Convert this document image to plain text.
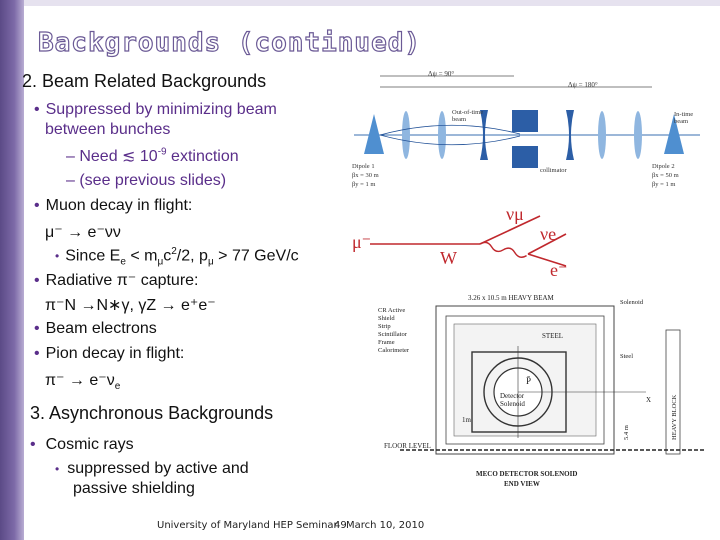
Backgrounds (continued)
2. Beam Related Backgrounds
• Suppressed by minimizing beam
between bunches
– Need ≲ $10^{-9}$ extinction
– (see previous slides)
• Muon decay in flight:
μ⁻ → e⁻νν
• Since $E_e < m_\mu c^2/2$, $p_\mu > 77$ GeV/c
• Radiative π⁻ capture:
π⁻N →N∗γ, γZ → e⁺e⁻
• Beam electrons
• Pion decay in flight:
$\pi^- \to e^-\nu_e$
3. Asynchronous Backgrounds
• Cosmic rays
• suppressed by active and
passive shielding
Δψ = 90°
Δψ = 180°
Out-of-time
beam
In-time
beam
collimator
Dipole 1
βx = 30 m
βy = 1 m
Dipole 2
βx = 50 m
βy = 1 m
μ⁻
νμ
νe
W
e⁻
3.26 x 10.5 m HEAVY BEAM
CR Active
Shield
Strip
Scintillator
Frame
Calorimeter
STEEL
P̄
Detector
Solenoid	X
1m
Solenoid
Steel
HEAVY BLOCK
5.4 m
FLOOR LEVEL
MECO DETECTOR SOLENOID
END VIEW
University of Maryland HEP Seminar
49 March 10, 2010
